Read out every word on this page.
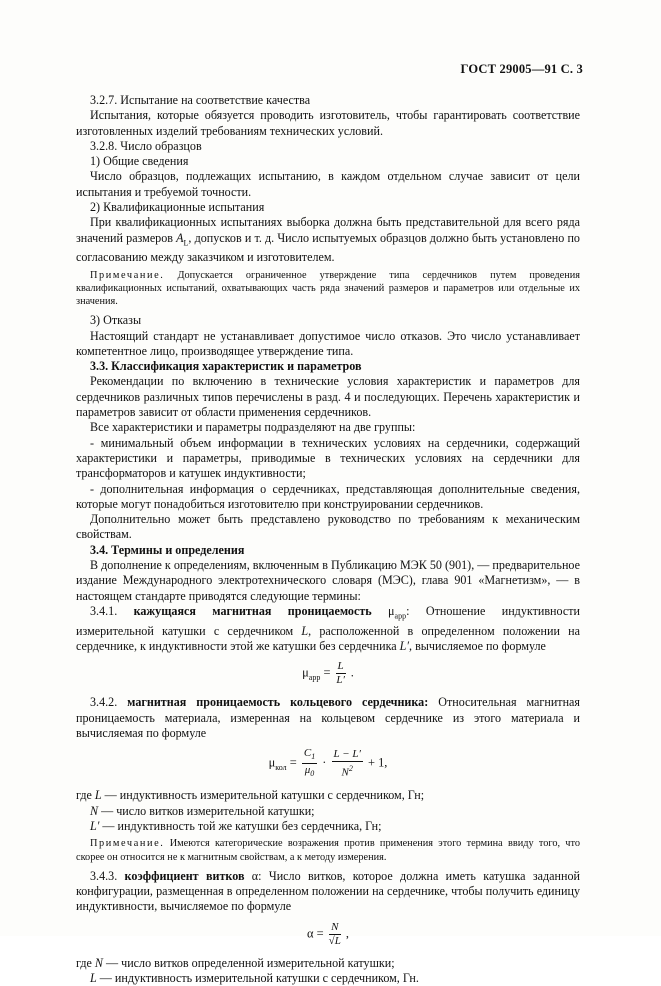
ГОСТ 29005—91 С. 3

3.2.7. Испытание на соответствие качества

Испытания, которые обязуется проводить изготовитель, чтобы гарантировать соответствие изготовленных изделий требованиям технических условий.

3.2.8. Число образцов

1) Общие сведения

Число образцов, подлежащих испытанию, в каждом отдельном случае зависит от цели испытания и требуемой точности.

2) Квалификационные испытания

При квалификационных испытаниях выборка должна быть представительной для всего ряда значений размеров $A_L$, допусков и т. д. Число испытуемых образцов должно быть установлено по согласованию между заказчиком и изготовителем.

Примечание. Допускается ограниченное утверждение типа сердечников путем проведения квалификационных испытаний, охватывающих часть ряда значений размеров и параметров или отдельные их значения.

3) Отказы

Настоящий стандарт не устанавливает допустимое число отказов. Это число устанавливает компетентное лицо, производящее утверждение типа.

3.3. Классификация характеристик и параметров

Рекомендации по включению в технические условия характеристик и параметров для сердечников различных типов перечислены в разд. 4 и последующих. Перечень характеристик и параметров зависит от области применения сердечников.

Все характеристики и параметры подразделяют на две группы:

- минимальный объем информации в технических условиях на сердечники, содержащий характеристики и параметры, приводимые в технических условиях на сердечники для трансформаторов и катушек индуктивности;

- дополнительная информация о сердечниках, представляющая дополнительные сведения, которые могут понадобиться изготовителю при конструировании сердечников.

Дополнительно может быть представлено руководство по требованиям к механическим свойствам.

3.4. Термины и определения

В дополнение к определениям, включенным в Публикацию МЭК 50 (901), — предварительное издание Международного электротехнического словаря (МЭС), глава 901 «Магнетизм», — в настоящем стандарте приводятся следующие термины:

3.4.1. кажущаяся магнитная проницаемость $\mu_{app}$: Отношение индуктивности измерительной катушки с сердечником L, расположенной в определенном положении на сердечнике, к индуктивности этой же катушки без сердечника L′, вычисляемое по формуле

$\mu_{app} = \frac{L}{L'}$ .

3.4.2. магнитная проницаемость кольцевого сердечника: Относительная магнитная проницаемость материала, измеренная на кольцевом сердечнике из этого материала и вычисляемая по формуле

$\mu_{кол} = \frac{C_1}{\mu_0} \cdot \frac{L - L'}{N^2} + 1$,

где L — индуктивность измерительной катушки с сердечником, Гн;

N — число витков измерительной катушки;

L′ — индуктивность той же катушки без сердечника, Гн;

Примечание. Имеются категорические возражения против применения этого термина ввиду того, что скорее он относится не к магнитным свойствам, а к методу измерения.

3.4.3. коэффициент витков α: Число витков, которое должна иметь катушка заданной конфигурации, размещенная в определенном положении на сердечнике, чтобы получить единицу индуктивности, вычисляемое по формуле

$\alpha = \frac{N}{√L}$ ,

где N — число витков определенной измерительной катушки;

L — индуктивность измерительной катушки с сердечником, Гн.
